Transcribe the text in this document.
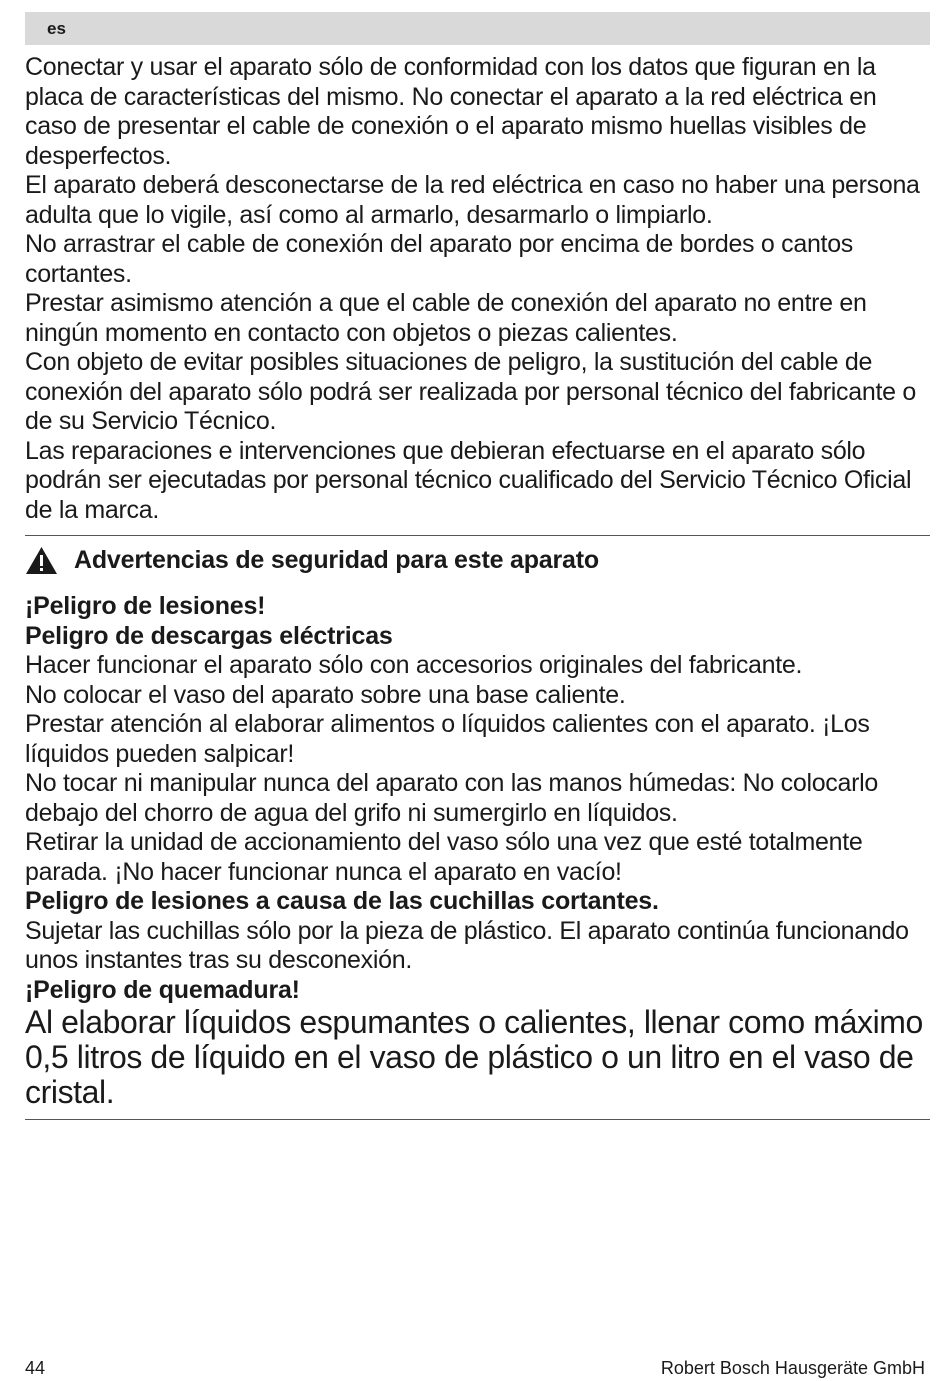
es

Conectar y usar el aparato sólo de conformidad con los datos que figuran en la placa de características del mismo. No conectar el aparato a la red eléctrica en caso de presentar el cable de conexión o el aparato mismo huellas visibles de desperfectos.

El aparato deberá desconectarse de la red eléctrica en caso no haber una persona adulta que lo vigile, así como al armarlo, desarmarlo o limpiarlo.

No arrastrar el cable de conexión del aparato por encima de bordes o cantos cortantes.

Prestar asimismo atención a que el cable de conexión del aparato no entre en ningún momento en contacto con objetos o piezas calientes.

Con objeto de evitar posibles situaciones de peligro, la sustitución del cable de conexión del aparato sólo podrá ser realizada por personal técnico del fabricante o de su Servicio Técnico.

Las reparaciones e intervenciones que debieran efectuarse en el aparato sólo podrán ser ejecutadas por personal técnico cualificado del Servicio Técnico Oficial de la marca.

Advertencias de seguridad para este aparato

¡Peligro de lesiones!

Peligro de descargas eléctricas

Hacer funcionar el aparato sólo con accesorios originales del fabricante.

No colocar el vaso del aparato sobre una base caliente.

Prestar atención al elaborar alimentos o líquidos calientes con el aparato. ¡Los líquidos pueden salpicar!

No tocar ni manipular nunca del aparato con las manos húmedas: No colocarlo debajo del chorro de agua del grifo ni sumergirlo en líquidos.

Retirar la unidad de accionamiento del vaso sólo una vez que esté totalmente parada. ¡No hacer funcionar nunca el aparato en vacío!

Peligro de lesiones a causa de las cuchillas cortantes.

Sujetar las cuchillas sólo por la pieza de plástico. El aparato continúa funcionando unos instantes tras su desconexión.

¡Peligro de quemadura!

Al elaborar líquidos espumantes o calientes, llenar como máximo 0,5 litros de líquido en el vaso de plástico o un litro en el vaso de cristal.

44	Robert Bosch Hausgeräte GmbH
